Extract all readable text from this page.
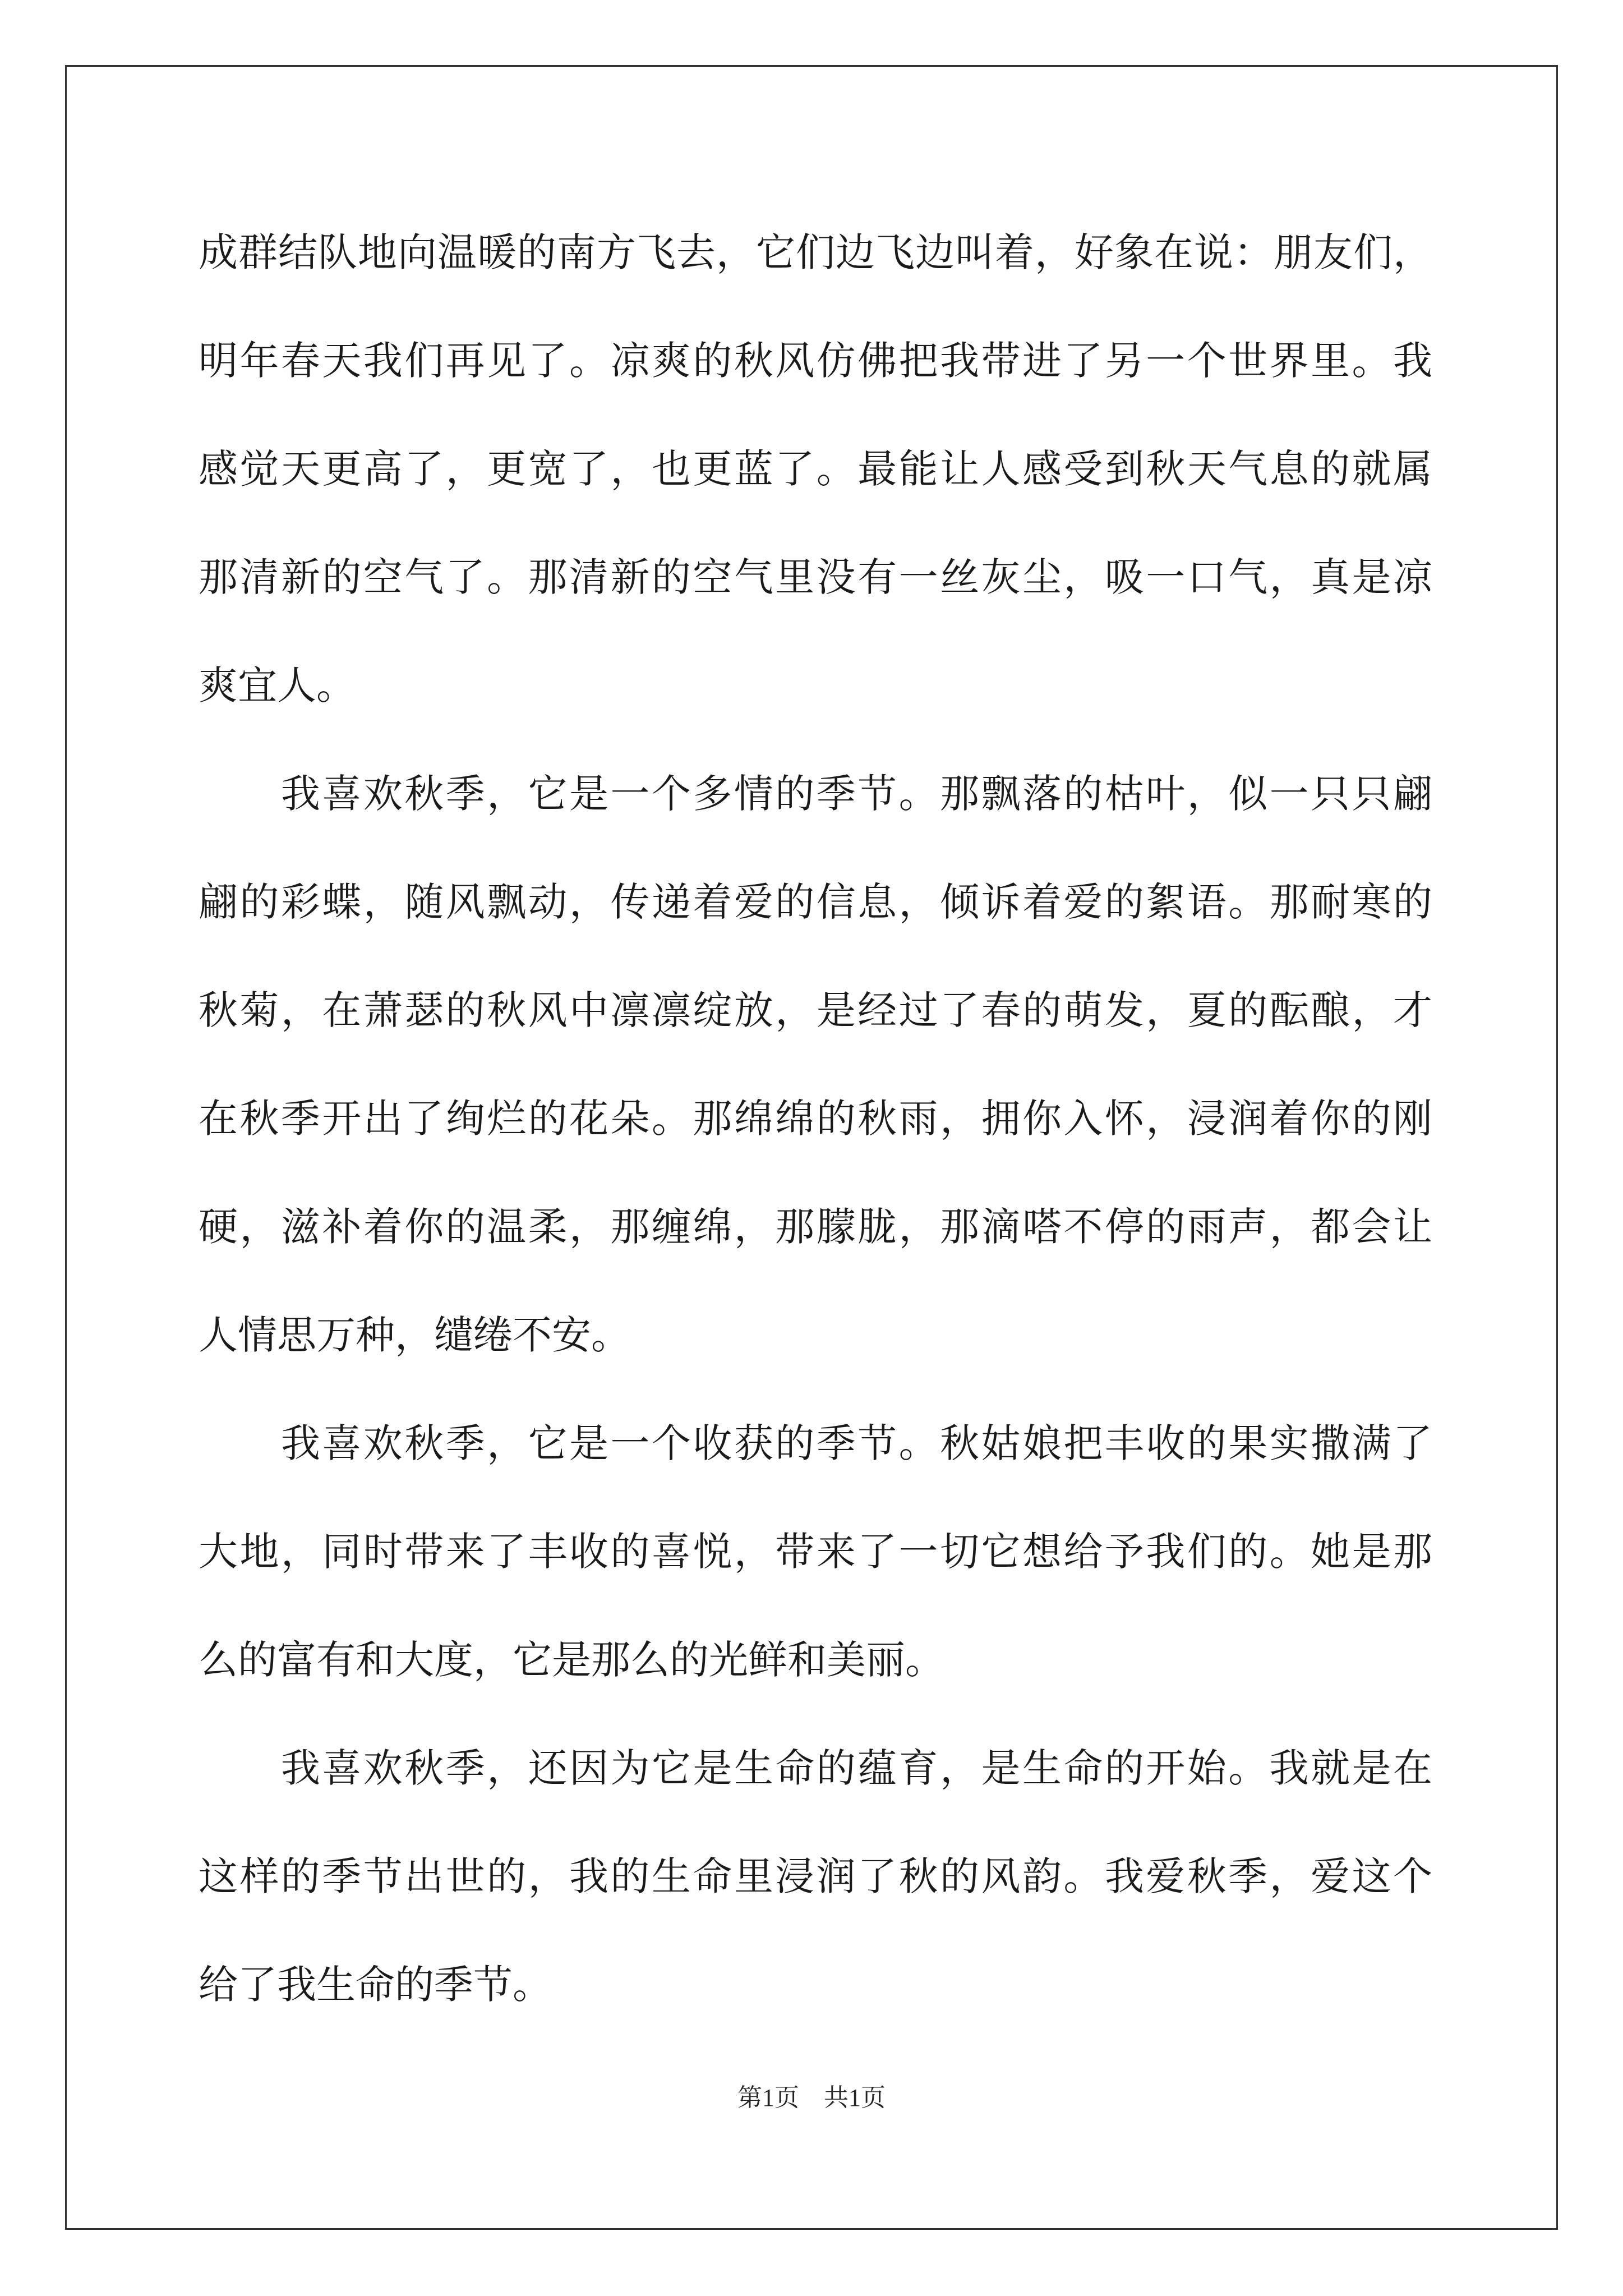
成群结队地向温暖的南方飞去，它们边飞边叫着，好象在说：朋友们，
明年春天我们再见了。凉爽的秋风仿佛把我带进了另一个世界里。我
感觉天更高了，更宽了，也更蓝了。最能让人感受到秋天气息的就属
那清新的空气了。那清新的空气里没有一丝灰尘，吸一口气，真是凉
爽宜人。
　　我喜欢秋季，它是一个多情的季节。那飘落的枯叶，似一只只翩
翩的彩蝶，随风飘动，传递着爱的信息，倾诉着爱的絮语。那耐寒的
秋菊，在萧瑟的秋风中凛凛绽放，是经过了春的萌发，夏的酝酿，才
在秋季开出了绚烂的花朵。那绵绵的秋雨，拥你入怀，浸润着你的刚
硬，滋补着你的温柔，那缠绵，那朦胧，那滴嗒不停的雨声，都会让
人情思万种，缱绻不安。
　　我喜欢秋季，它是一个收获的季节。秋姑娘把丰收的果实撒满了
大地，同时带来了丰收的喜悦，带来了一切它想给予我们的。她是那
么的富有和大度，它是那么的光鲜和美丽。
　　我喜欢秋季，还因为它是生命的蕴育，是生命的开始。我就是在
这样的季节出世的，我的生命里浸润了秋的风韵。我爱秋季，爱这个
给了我生命的季节。
第1页　共1页
